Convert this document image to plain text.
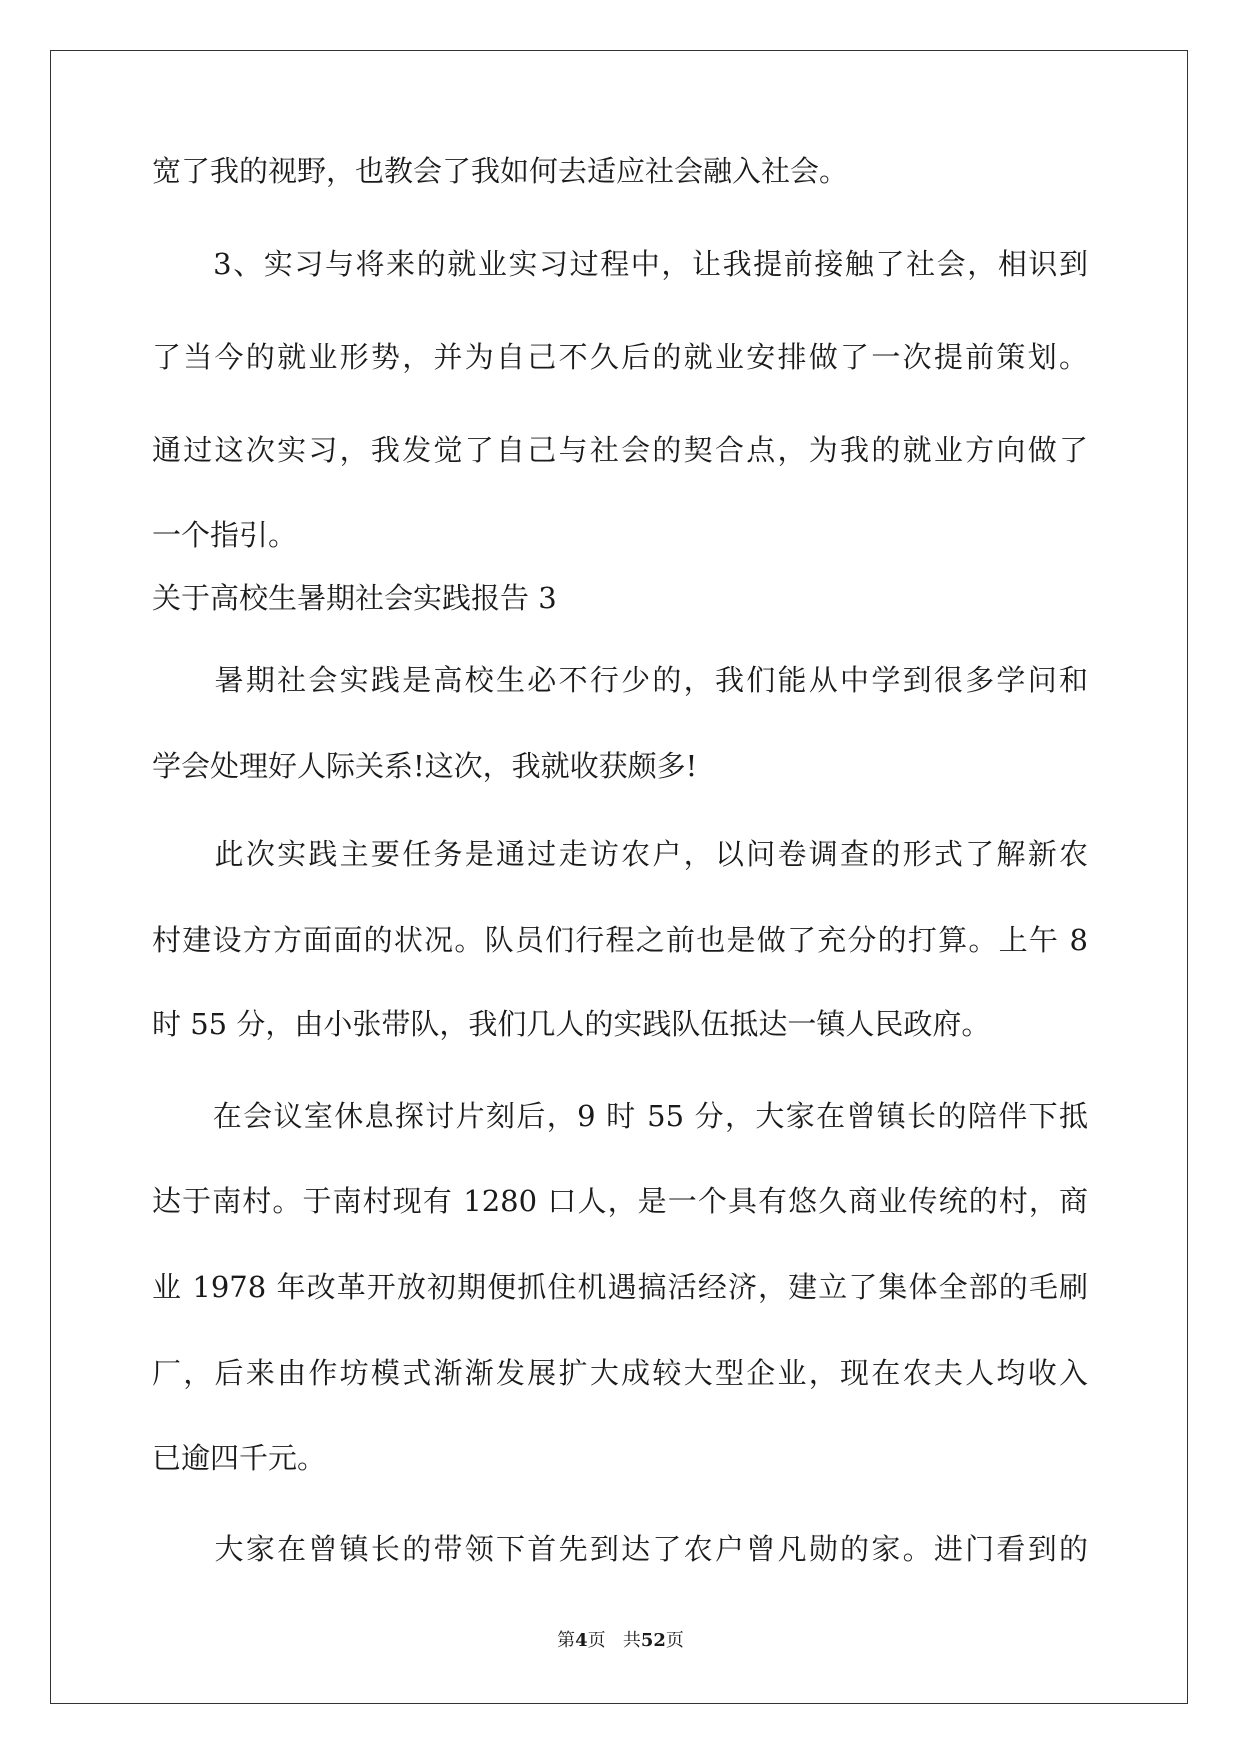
宽了我的视野，也教会了我如何去适应社会融入社会。
　　3、实习与将来的就业实习过程中，让我提前接触了社会，相识到
了当今的就业形势，并为自己不久后的就业安排做了一次提前策划。
通过这次实习，我发觉了自己与社会的契合点，为我的就业方向做了
一个指引。
关于高校生暑期社会实践报告 3
　　暑期社会实践是高校生必不行少的，我们能从中学到很多学问和
学会处理好人际关系!这次，我就收获颇多!
　　此次实践主要任务是通过走访农户，以问卷调查的形式了解新农
村建设方方面面的状况。队员们行程之前也是做了充分的打算。上午 8
时 55 分，由小张带队，我们几人的实践队伍抵达一镇人民政府。
　　在会议室休息探讨片刻后，9 时 55 分，大家在曾镇长的陪伴下抵
达于南村。于南村现有 1280 口人，是一个具有悠久商业传统的村，商
业 1978 年改革开放初期便抓住机遇搞活经济，建立了集体全部的毛刷
厂，后来由作坊模式渐渐发展扩大成较大型企业，现在农夫人均收入
已逾四千元。
　　大家在曾镇长的带领下首先到达了农户曾凡勋的家。进门看到的
第4页 共52页
